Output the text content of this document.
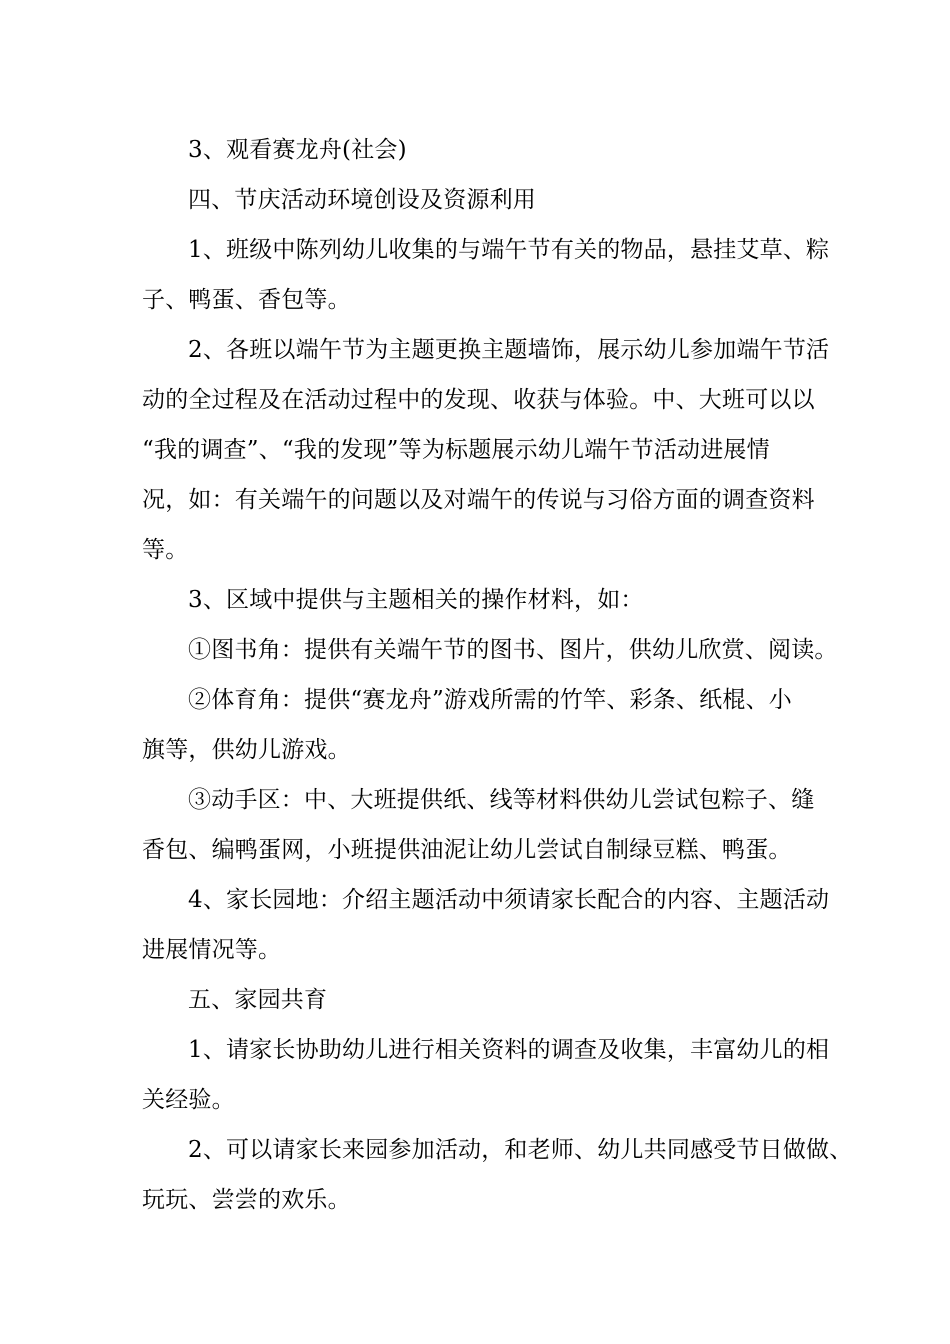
3、观看赛龙舟(社会)

四、节庆活动环境创设及资源利用

1、班级中陈列幼儿收集的与端午节有关的物品，悬挂艾草、粽

子、鸭蛋、香包等。

2、各班以端午节为主题更换主题墙饰，展示幼儿参加端午节活

动的全过程及在活动过程中的发现、收获与体验。中、大班可以以

“我的调查”、“我的发现”等为标题展示幼儿端午节活动进展情

况，如：有关端午的问题以及对端午的传说与习俗方面的调查资料

等。

3、区域中提供与主题相关的操作材料，如：

①图书角：提供有关端午节的图书、图片，供幼儿欣赏、阅读。

②体育角：提供“赛龙舟”游戏所需的竹竿、彩条、纸棍、小

旗等，供幼儿游戏。

③动手区：中、大班提供纸、线等材料供幼儿尝试包粽子、缝

香包、编鸭蛋网，小班提供油泥让幼儿尝试自制绿豆糕、鸭蛋。

4、家长园地：介绍主题活动中须请家长配合的内容、主题活动

进展情况等。

五、家园共育

1、请家长协助幼儿进行相关资料的调查及收集，丰富幼儿的相

关经验。

2、可以请家长来园参加活动，和老师、幼儿共同感受节日做做、

玩玩、尝尝的欢乐。
